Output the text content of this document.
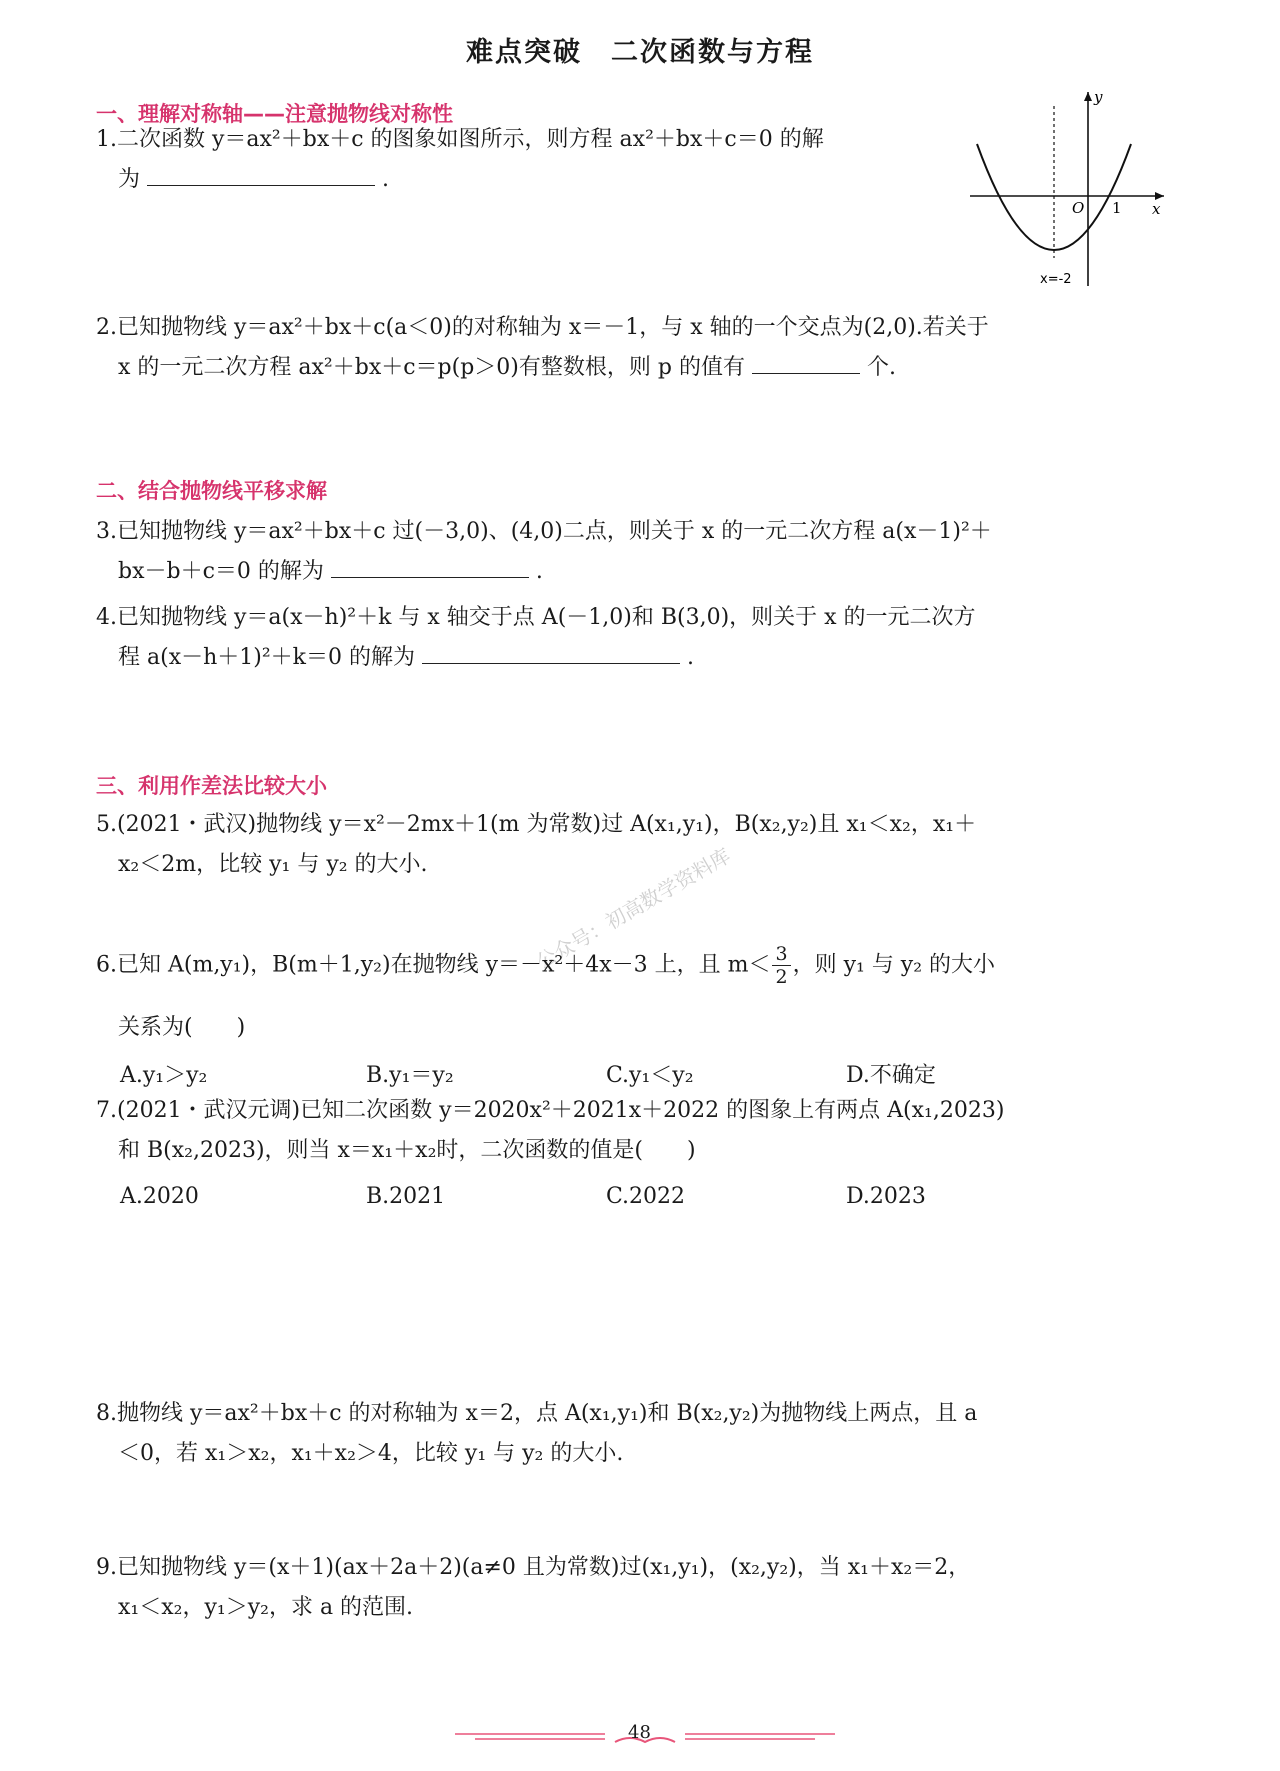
难点突破　二次函数与方程
一、理解对称轴——注意抛物线对称性
1.二次函数 y＝ax²＋bx＋c 的图象如图所示，则方程 ax²＋bx＋c＝0 的解
为	.
y
x
O 1
x=-2
2.已知抛物线 y＝ax²＋bx＋c(a＜0)的对称轴为 x＝－1，与 x 轴的一个交点为(2,0).若关于
x 的一元二次方程 ax²＋bx＋c＝p(p＞0)有整数根，则 p 的值有	个.
二、结合抛物线平移求解
3.已知抛物线 y＝ax²＋bx＋c 过(－3,0)、(4,0)二点，则关于 x 的一元二次方程 a(x－1)²＋
bx－b＋c＝0 的解为	.
4.已知抛物线 y＝a(x－h)²＋k 与 x 轴交于点 A(－1,0)和 B(3,0)，则关于 x 的一元二次方
程 a(x－h＋1)²＋k＝0 的解为	.
三、利用作差法比较大小
5.(2021・武汉)抛物线 y＝x²－2mx＋1(m 为常数)过 A(x₁,y₁)，B(x₂,y₂)且 x₁＜x₂，x₁＋
x₂＜2m，比较 y₁ 与 y₂ 的大小.	公众号：初高数学资料库
6.已知 A(m,y₁)，B(m＋1,y₂)在抛物线 y＝－x²＋4x－3 上，且 $m< \frac{3}{2}$ ，则 y₁ 与 y₂ 的大小
关系为(　　)
A.y₁＞y₂	B.y₁＝y₂	C.y₁＜y₂	D.不确定
7.(2021・武汉元调)已知二次函数 y＝2020x²＋2021x＋2022 的图象上有两点 A(x₁,2023)
和 B(x₂,2023)，则当 x＝x₁＋x₂时，二次函数的值是(　　)
A.2020	B.2021	C.2022	D.2023
8.抛物线 y＝ax²＋bx＋c 的对称轴为 x＝2，点 A(x₁,y₁)和 B(x₂,y₂)为抛物线上两点，且 a
＜0，若 x₁＞x₂，x₁＋x₂＞4，比较 y₁ 与 y₂ 的大小.
9.已知抛物线 y＝(x＋1)(ax＋2a＋2)(a≠0 且为常数)过(x₁,y₁)，(x₂,y₂)，当 x₁＋x₂＝2，
x₁＜x₂，y₁＞y₂，求 a 的范围.
48
